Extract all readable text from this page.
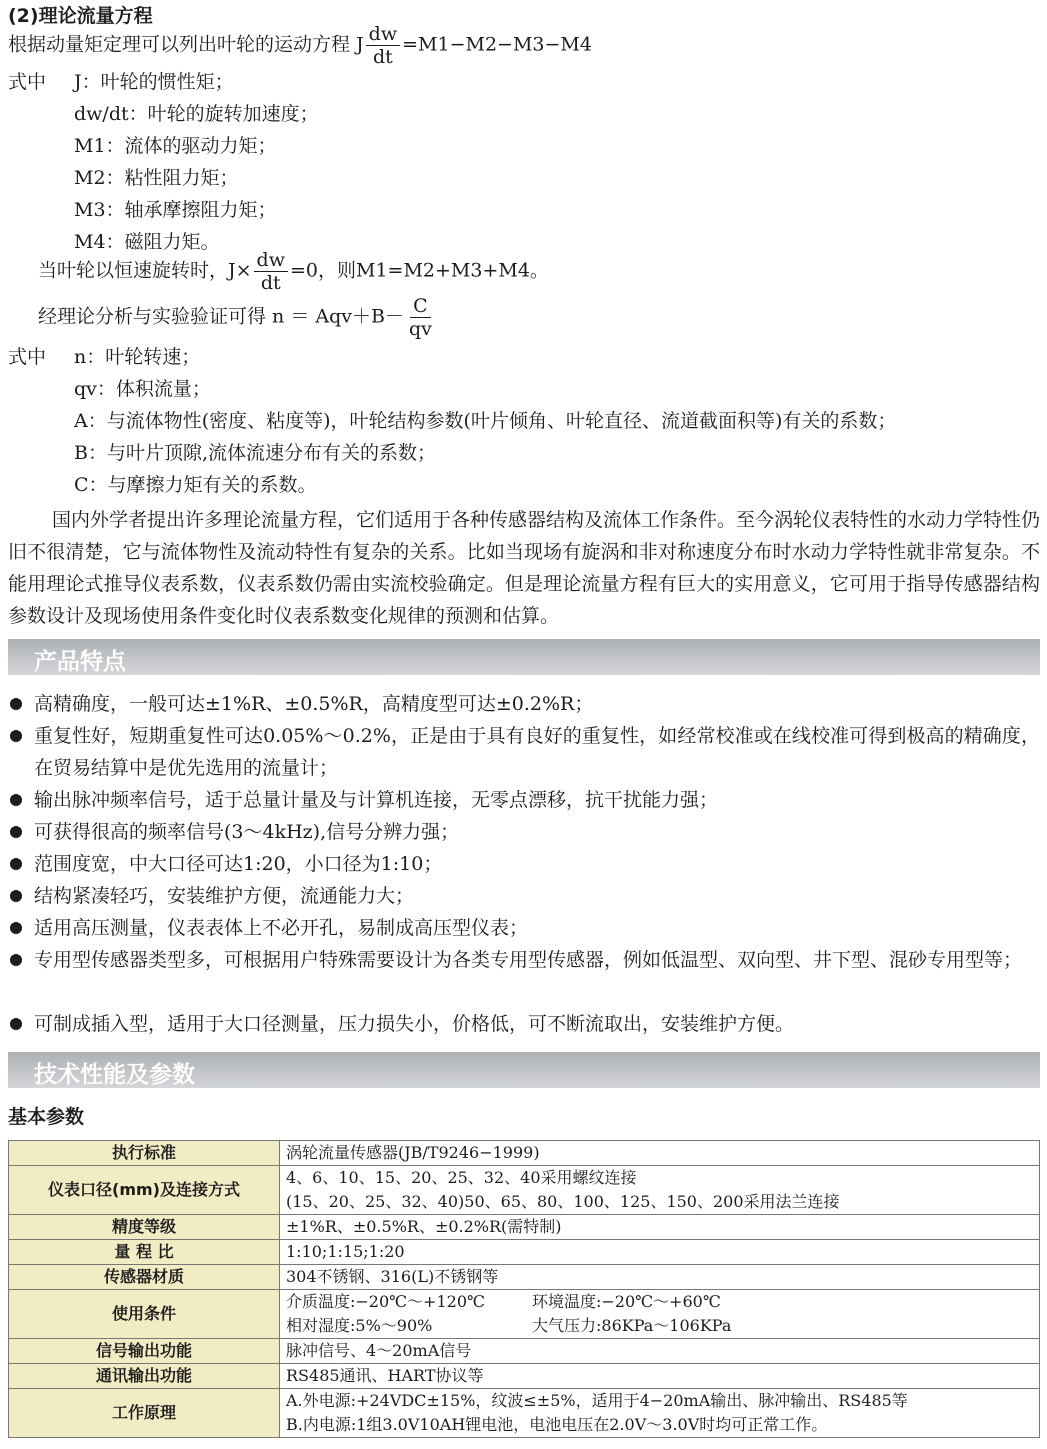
(2)理论流量方程
根据动量矩定理可以列出叶轮的运动方程 J $\frac{dw}{dt} =M1-M2-M3-M4$
式中 J：叶轮的惯性矩；
dw/dt：叶轮的旋转加速度；
M1：流体的驱动力矩；
M2：粘性阻力矩；
M3：轴承摩擦阻力矩；
M4：磁阻力矩。
当叶轮以恒速旋转时，$J\times \frac{dw}{dt} =0$，则M1=M2+M3+M4。
经理论分析与实验验证可得 $n = Aqv+B- \frac{C}{qv}$
式中 n：叶轮转速；
qv：体积流量；
A：与流体物性(密度、粘度等)，叶轮结构参数(叶片倾角、叶轮直径、流道截面积等)有关的系数；
B：与叶片顶隙,流体流速分布有关的系数；
C：与摩擦力矩有关的系数。
国内外学者提出许多理论流量方程，它们适用于各种传感器结构及流体工作条件。至今涡轮仪表特性的水动力学特性仍旧不很清楚，它与流体物性及流动特性有复杂的关系。比如当现场有旋涡和非对称速度分布时水动力学特性就非常复杂。不能用理论式推导仪表系数，仪表系数仍需由实流校验确定。但是理论流量方程有巨大的实用意义，它可用于指导传感器结构参数设计及现场使用条件变化时仪表系数变化规律的预测和估算。
产品特点
高精确度，一般可达±1%R、±0.5%R，高精度型可达±0.2%R；
重复性好，短期重复性可达0.05%～0.2%，正是由于具有良好的重复性，如经常校准或在线校准可得到极高的精确度，在贸易结算中是优先选用的流量计；
输出脉冲频率信号，适于总量计量及与计算机连接，无零点漂移，抗干扰能力强；
可获得很高的频率信号(3～4kHz),信号分辨力强；
范围度宽，中大口径可达1:20，小口径为1:10；
结构紧凑轻巧，安装维护方便，流通能力大；
适用高压测量，仪表表体上不必开孔，易制成高压型仪表；
专用型传感器类型多，可根据用户特殊需要设计为各类专用型传感器，例如低温型、双向型、井下型、混砂专用型等；
可制成插入型，适用于大口径测量，压力损失小，价格低，可不断流取出，安装维护方便。
技术性能及参数
基本参数
执行标准	涡轮流量传感器(JB/T9246−1999)
仪表口径(mm)及连接方式	4、6、10、15、20、25、32、40采用螺纹连接
	(15、20、25、32、40)50、65、80、100、125、150、200采用法兰连接
精度等级	±1%R、±0.5%R、±0.2%R(需特制)
量 程 比	1:10;1:15;1:20
传感器材质	304不锈钢、316(L)不锈钢等
使用条件	介质温度:−20℃～+120℃ 环境温度:−20℃～+60℃

	相对湿度:5%～90% 大气压力:86KPa～106KPa

信号输出功能	脉冲信号、4～20mA信号
通讯输出功能	RS485通讯、HART协议等
工作原理	A.外电源:+24VDC±15%，纹波≤±5%，适用于4−20mA输出、脉冲输出、RS485等
	B.内电源:1组3.0V10AH锂电池，电池电压在2.0V～3.0V时均可正常工作。
